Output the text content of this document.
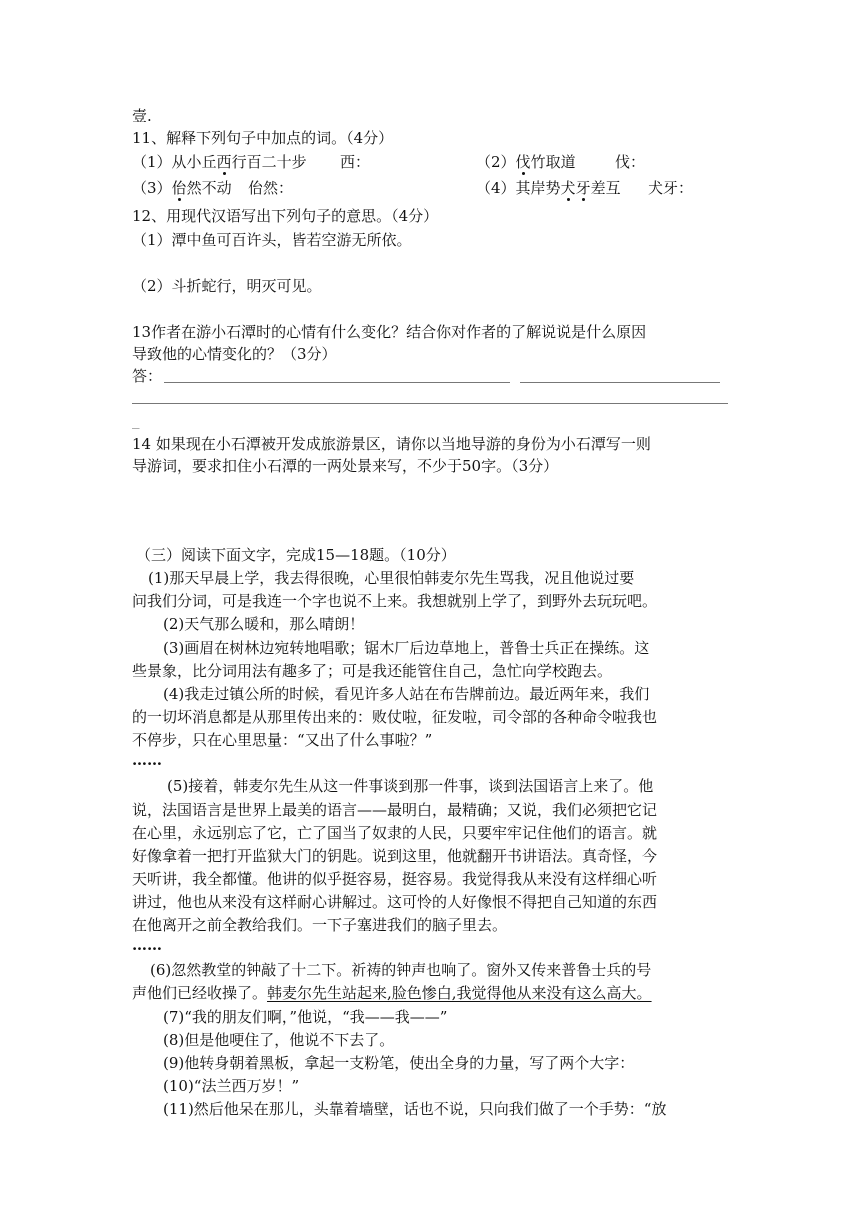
壹.
11、解释下列句子中加点的词。（4分）
（1）从小丘西行百二十步 西：	（2）伐竹取道	伐：
（3）佁然不动 佁然：	（4）其岸势犬牙差互 犬牙：
12、用现代汉语写出下列句子的意思。（4分）
（1）潭中鱼可百许头，皆若空游无所依。
（2）斗折蛇行，明灭可见。
13作者在游小石潭时的心情有什么变化？结合你对作者的了解说说是什么原因
导致他的心情变化的？（3分）
答：
_
14 如果现在小石潭被开发成旅游景区，请你以当地导游的身份为小石潭写一则
导游词，要求扣住小石潭的一两处景来写，不少于50字。（3分）
（三）阅读下面文字，完成15—18题。（10分）
(1)那天早晨上学，我去得很晚，心里很怕韩麦尔先生骂我，况且他说过要
问我们分词，可是我连一个字也说不上来。我想就别上学了，到野外去玩玩吧。
(2)天气那么暖和，那么晴朗！
(3)画眉在树林边宛转地唱歌；锯木厂后边草地上，普鲁士兵正在操练。这
些景象，比分词用法有趣多了；可是我还能管住自己，急忙向学校跑去。
(4)我走过镇公所的时候，看见许多人站在布告牌前边。最近两年来，我们
的一切坏消息都是从那里传出来的：败仗啦，征发啦，司令部的各种命令啦我也
不停步，只在心里思量：“又出了什么事啦？”
……
(5)接着，韩麦尔先生从这一件事谈到那一件事，谈到法国语言上来了。他
说，法国语言是世界上最美的语言——最明白，最精确；又说，我们必须把它记
在心里，永远别忘了它，亡了国当了奴隶的人民，只要牢牢记住他们的语言。就
好像拿着一把打开监狱大门的钥匙。说到这里，他就翻开书讲语法。真奇怪，今
天听讲，我全都懂。他讲的似乎挺容易，挺容易。我觉得我从来没有这样细心听
讲过，他也从来没有这样耐心讲解过。这可怜的人好像恨不得把自己知道的东西
在他离开之前全教给我们。一下子塞进我们的脑子里去。
……
(6)忽然教堂的钟敲了十二下。祈祷的钟声也响了。窗外又传来普鲁士兵的号
声他们已经收操了。韩麦尔先生站起来,脸色惨白,我觉得他从来没有这么高大。
(7)“我的朋友们啊，”他说，“我——我——”
(8)但是他哽住了，他说不下去了。
(9)他转身朝着黑板，拿起一支粉笔，使出全身的力量，写了两个大字：
(10)“法兰西万岁！”
(11)然后他呆在那儿，头靠着墙壁，话也不说，只向我们做了一个手势：“放
